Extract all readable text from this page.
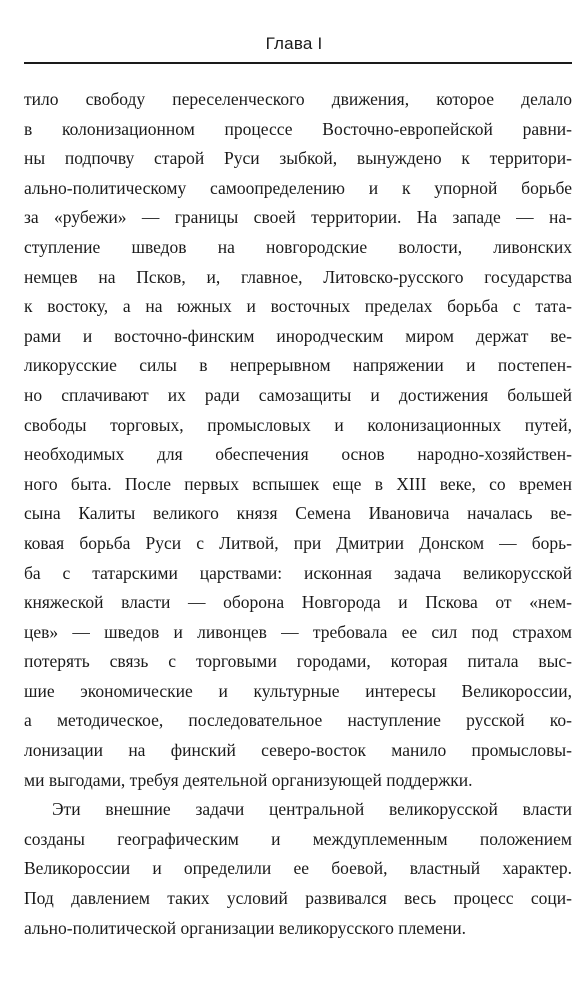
Глава I

тило свободу переселенческого движения, которое делало
в колонизационном процессе Восточно-европейской равни-
ны подпочву старой Руси зыбкой, вынуждено к территори-
ально-политическому самоопределению и к упорной борьбе
за «рубежи» — границы своей территории. На западе — на-
ступление шведов на новгородские волости, ливонских
немцев на Псков, и, главное, Литовско-русского государства
к востоку, а на южных и восточных пределах борьба с тата-
рами и восточно-финским инородческим миром держат ве-
ликорусские силы в непрерывном напряжении и постепен-
но сплачивают их ради самозащиты и достижения большей
свободы торговых, промысловых и колонизационных путей,
необходимых для обеспечения основ народно-хозяйствен-
ного быта. После первых вспышек еще в XIII веке, со времен
сына Калиты великого князя Семена Ивановича началась ве-
ковая борьба Руси с Литвой, при Дмитрии Донском — борь-
ба с татарскими царствами: исконная задача великорусской
княжеской власти — оборона Новгорода и Пскова от «нем-
цев» — шведов и ливонцев — требовала ее сил под страхом
потерять связь с торговыми городами, которая питала выс-
шие экономические и культурные интересы Великороссии,
а методическое, последовательное наступление русской ко-
лонизации на финский северо-восток манило промысловы-
ми выгодами, требуя деятельной организующей поддержки.

Эти внешние задачи центральной великорусской власти
созданы географическим и междуплеменным положением
Великороссии и определили ее боевой, властный характер.
Под давлением таких условий развивался весь процесс соци-
ально-политической организации великорусского племени.
